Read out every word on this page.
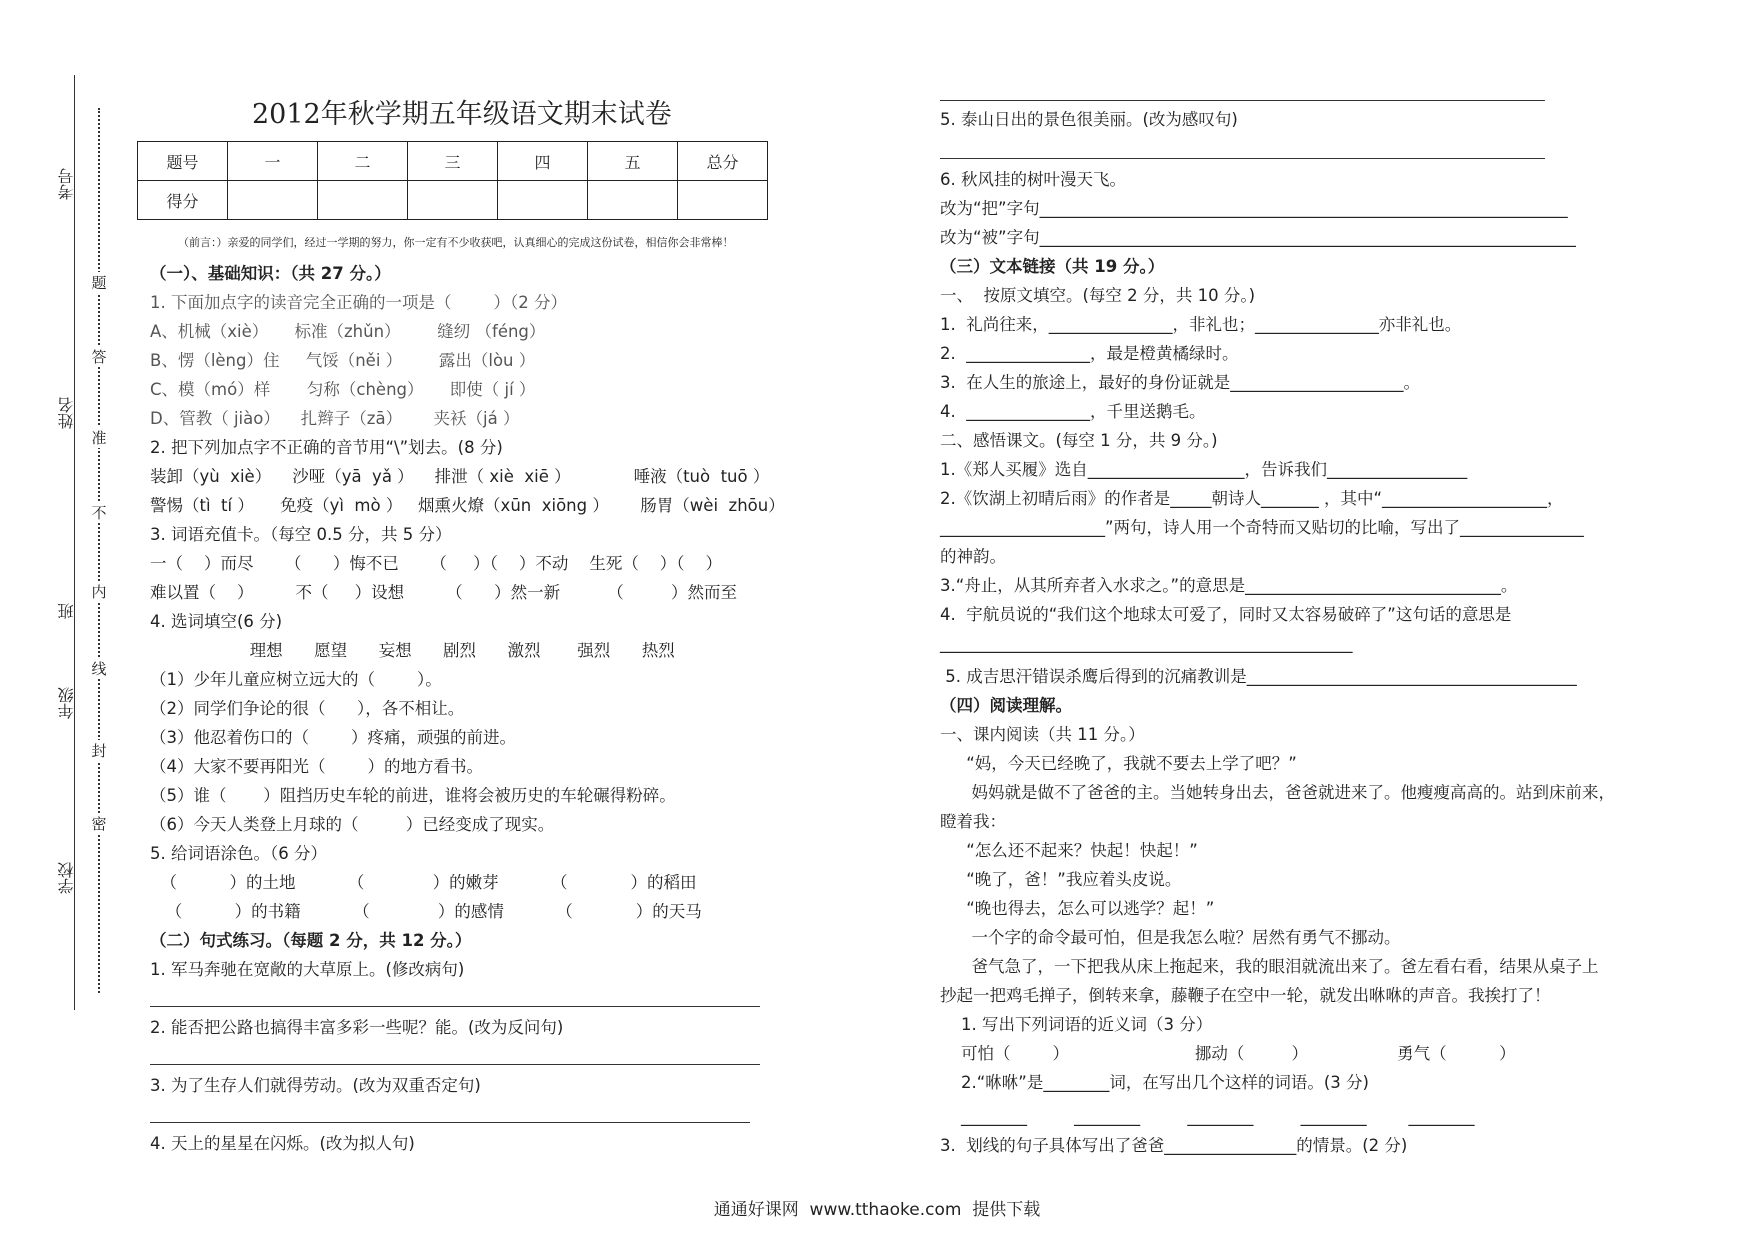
考号
姓名
年级
班
学校
题
答
准
不
内
线
封
密
2012年秋学期五年级语文期末试卷
题号	一	二	三	四	五	总分
得分						
（前言：）亲爱的同学们，经过一学期的努力，你一定有不少收获吧，认真细心的完成这份试卷，相信你会非常棒！
（一）、基础知识：（共 27 分。）
1. 下面加点字的读音完全正确的一项是（        ）（2 分）
A、机械（xiè）     标准（zhǔn）       缝纫 （féng）
B、愣（lèng）住     气馁（něi ）       露出（lòu ）
C、模（mó）样       匀称（chèng）     即使（ jí ）
D、管教（ jiào）    扎辫子（zā）      夹袄（já ）
2. 把下列加点字不正确的音节用“\”划去。(8 分)
装卸（yù  xiè）    沙哑（yā  yǎ ）    排泄（ xiè  xiē ）            唾液（tuò  tuō ）
警惕（tì  tí ）     免疫（yì  mò ）   烟熏火燎（xūn  xiōng ）      肠胃（wèi  zhōu）
3. 词语充值卡。（每空 0.5 分，共 5 分）
一（    ）而尽      （      ）悔不已      （     ）（    ）不动    生死（    ）（    ）
难以置（    ）        不（     ）设想        （      ）然一新         （         ）然而至
4. 选词填空(6 分)
理想      愿望      妄想      剧烈      激烈       强烈      热烈
（1）少年儿童应树立远大的（        ）。
（2）同学们争论的很（      ），各不相让。
（3）他忍着伤口的（        ）疼痛，顽强的前进。
（4）大家不要再阳光（        ）的地方看书。
（5）谁（       ）阻挡历史车轮的前进，谁将会被历史的车轮碾得粉碎。
（6）今天人类登上月球的（         ）已经变成了现实。
5. 给词语涂色。（6 分）
（          ）的土地          （             ）的嫩芽          （            ）的稻田
（          ）的书籍          （             ）的感情          （            ）的天马
（二）句式练习。（每题 2 分，共 12 分。）
1. 军马奔驰在宽敞的大草原上。(修改病句)
2. 能否把公路也搞得丰富多彩一些呢？能。(改为反问句)
3. 为了生存人们就得劳动。(改为双重否定句)
4. 天上的星星在闪烁。(改为拟人句)
5. 泰山日出的景色很美丽。(改为感叹句)
6. 秋风挂的树叶漫天飞。
改为“把”字句________________________________________________________________
改为“被”字句_________________________________________________________________
（三）文本链接（共 19 分。）
一、  按原文填空。(每空 2 分，共 10 分。)
1.  礼尚往来，_______________，非礼也；_______________亦非礼也。
2.  _______________，最是橙黄橘绿时。
3.  在人生的旅途上，最好的身份证就是_____________________。
4.  _______________，千里送鹅毛。
二、感悟课文。(每空 1 分，共 9 分。)
1.《郑人买履》选自___________________，告诉我们_________________
2.《饮湖上初晴后雨》的作者是_____朝诗人_______ ，其中“____________________，
____________________”两句，诗人用一个奇特而又贴切的比喻，写出了_______________
的神韵。
3.“舟止，从其所弃者入水求之。”的意思是_______________________________。
4.  宇航员说的“我们这个地球太可爱了，同时又太容易破碎了”这句话的意思是
__________________________________________________
5. 成吉思汗错误杀鹰后得到的沉痛教训是________________________________________
（四）阅读理解。
一、课内阅读（共 11 分。）
“妈，今天已经晚了，我就不要去上学了吧？”
妈妈就是做不了爸爸的主。当她转身出去，爸爸就进来了。他瘦瘦高高的。站到床前来，
瞪着我：
“怎么还不起来？快起！快起！”
“晚了，爸！”我应着头皮说。
“晚也得去，怎么可以逃学？起！”
一个字的命令最可怕，但是我怎么啦？居然有勇气不挪动。
爸气急了，一下把我从床上拖起来，我的眼泪就流出来了。爸左看右看，结果从桌子上
抄起一把鸡毛掸子，倒转来拿，藤鞭子在空中一轮，就发出咻咻的声音。我挨打了！
1. 写出下列词语的近义词（3 分）
可怕（        ）                        挪动（         ）                 勇气（          ）
2.“咻咻”是________词，在写出几个这样的词语。(3 分)
________         ________         ________         ________        ________
3.  划线的句子具体写出了爸爸________________的情景。(2 分)
通通好课网  www.tthaoke.com  提供下载
